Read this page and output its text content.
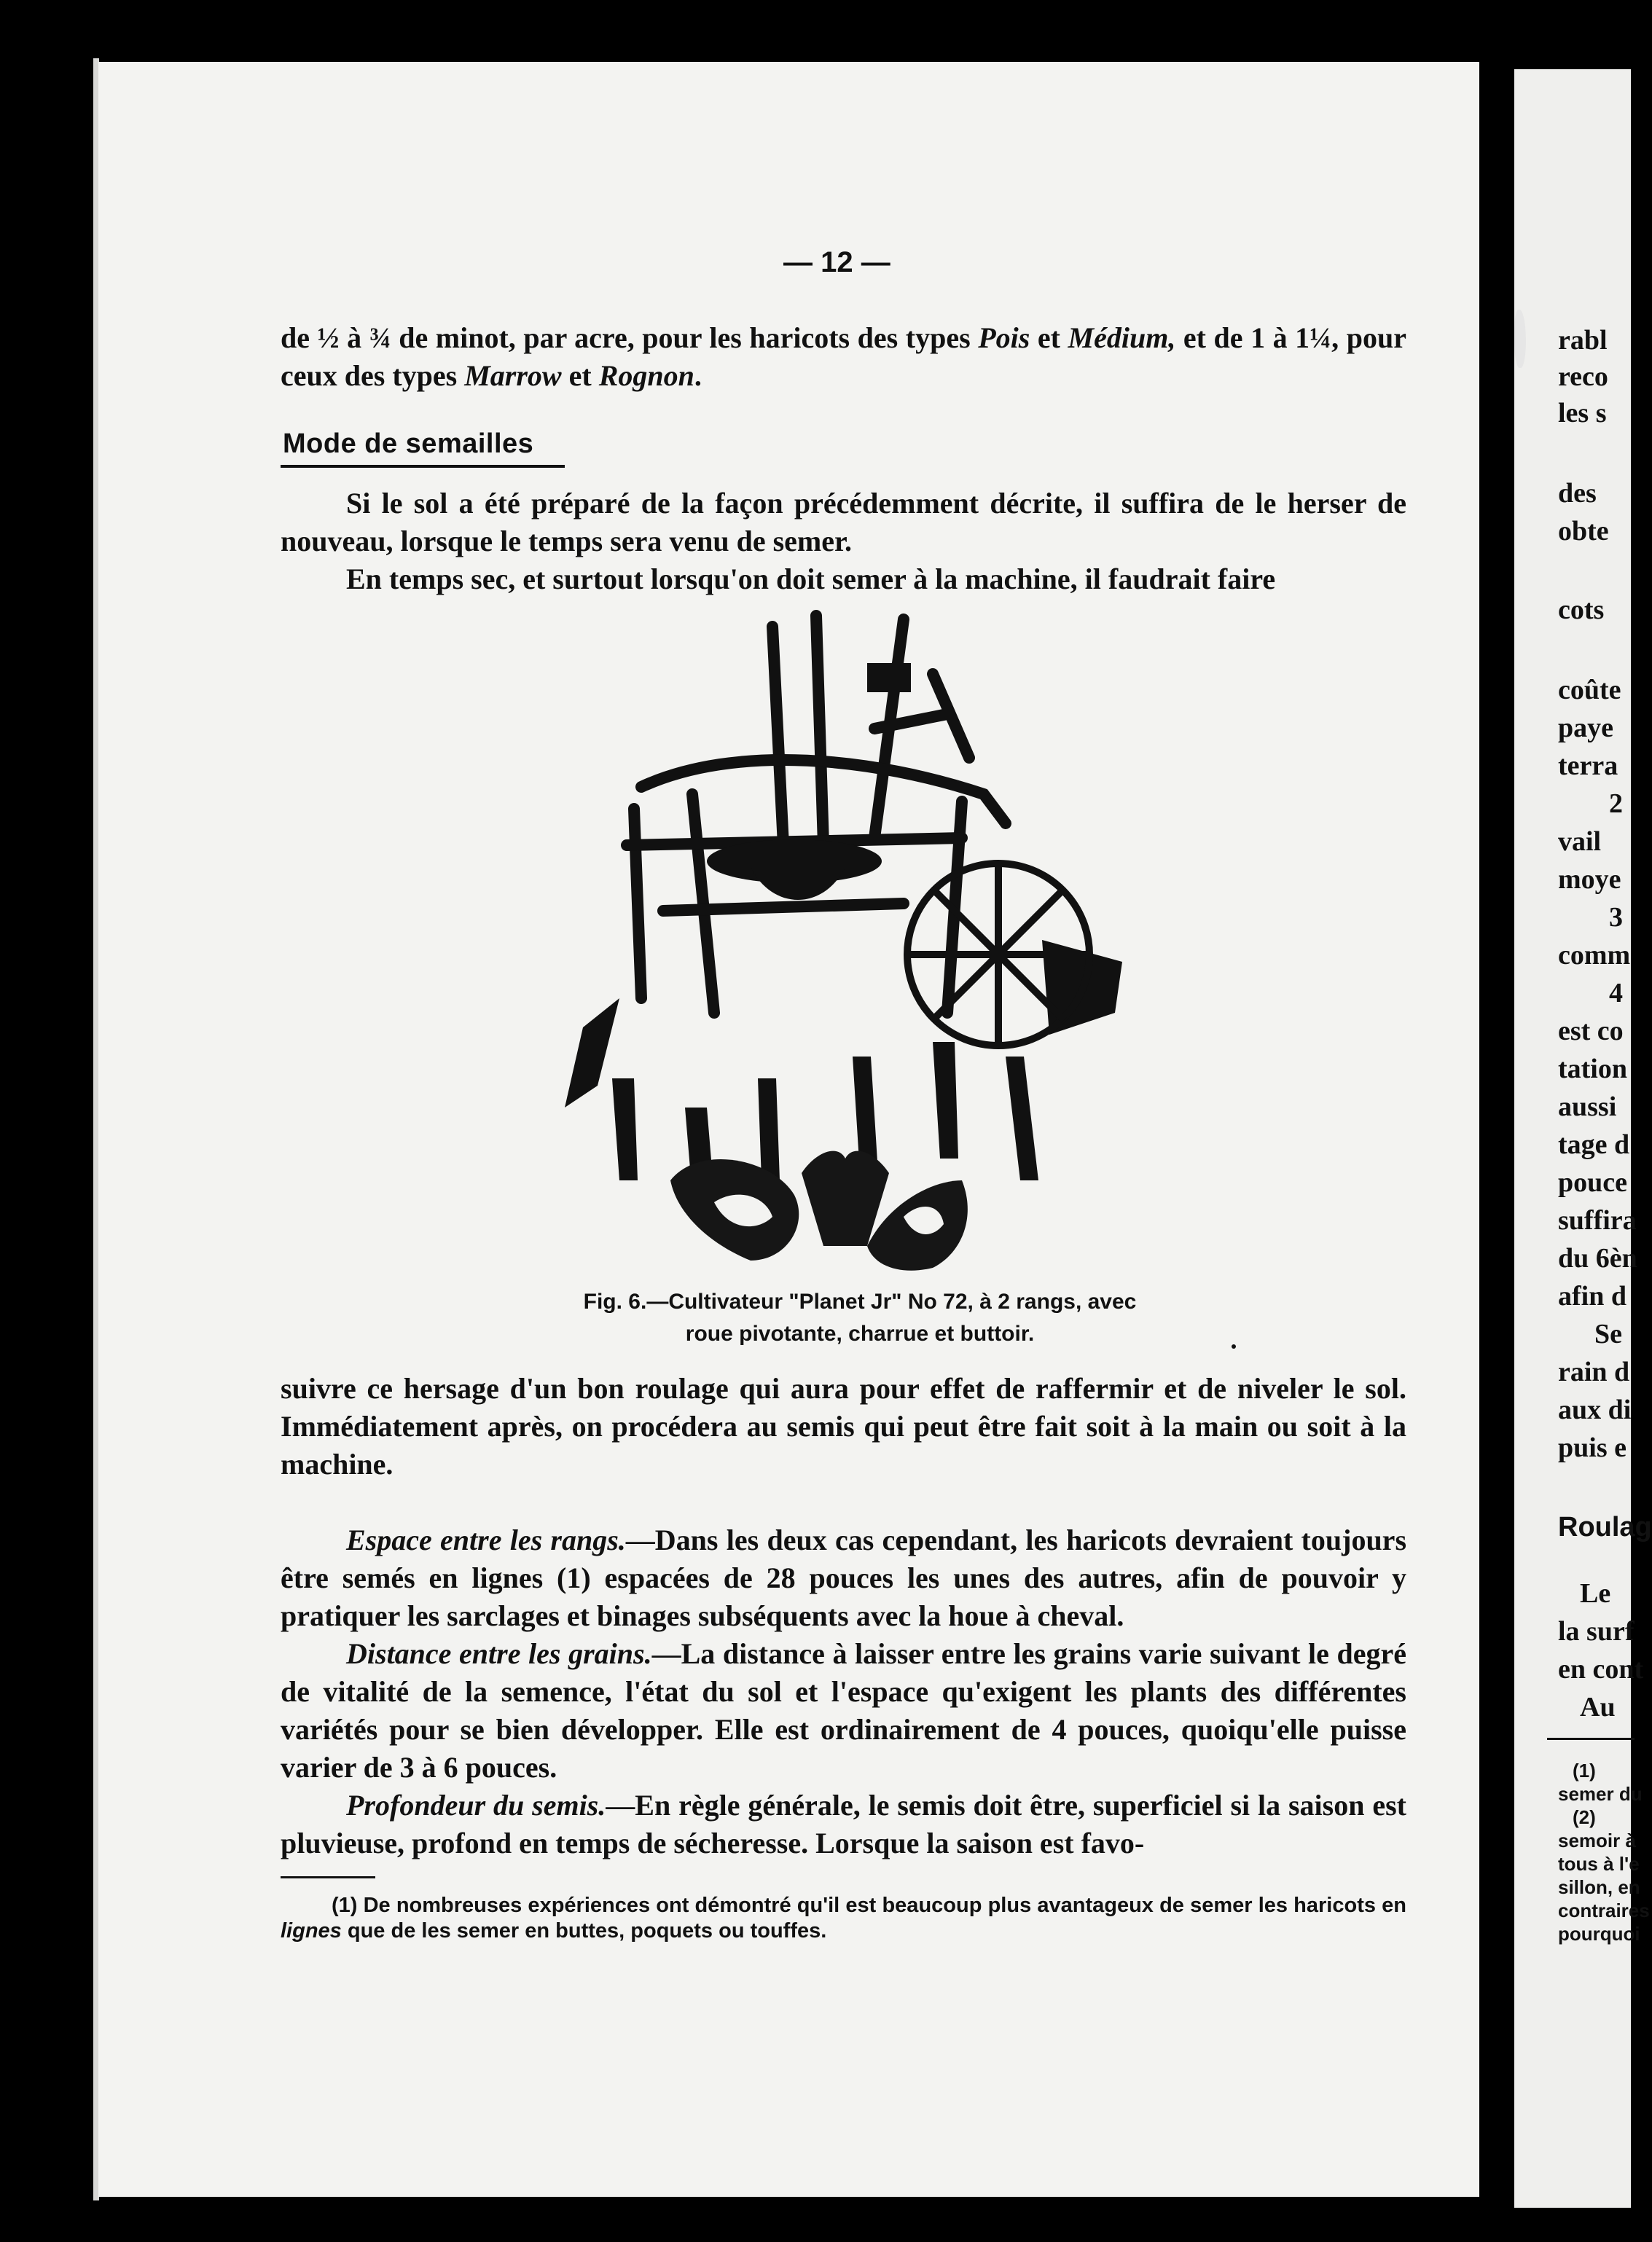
— 12 —

de ½ à ¾ de minot, par acre, pour les haricots des types Pois et Médium, et de 1 à 1¼, pour ceux des types Marrow et Rognon.

Mode de semailles

Si le sol a été préparé de la façon précédemment décrite, il suffira de le herser de nouveau, lorsque le temps sera venu de semer.

En temps sec, et surtout lorsqu'on doit semer à la machine, il faudrait faire

Fig. 6.—Cultivateur "Planet Jr" No 72, à 2 rangs, avec
roue pivotante, charrue et buttoir.

suivre ce hersage d'un bon roulage qui aura pour effet de raffermir et de niveler le sol. Immédiatement après, on procédera au semis qui peut être fait soit à la main ou soit à la machine.

Espace entre les rangs.—Dans les deux cas cependant, les haricots devraient toujours être semés en lignes (1) espacées de 28 pouces les unes des autres, afin de pouvoir y pratiquer les sarclages et binages subséquents avec la houe à cheval.

Distance entre les grains.—La distance à laisser entre les grains varie suivant le degré de vitalité de la semence, l'état du sol et l'espace qu'exigent les plants des différentes variétés pour se bien développer. Elle est ordinairement de 4 pouces, quoiqu'elle puisse varier de 3 à 6 pouces.

Profondeur du semis.—En règle générale, le semis doit être, superficiel si la saison est pluvieuse, profond en temps de sécheresse. Lorsque la saison est favo-

(1) De nombreuses expériences ont démontré qu'il est beaucoup plus avantageux de semer les haricots en lignes que de les semer en buttes, poquets ou touffes.
rabl
reco
les s
des
obte
cots
coûte
paye
terra
2
vail
moye
3
comm
4
est co
tation
aussi
tage d
pouce
suffira
du 6èn
afin d
Se
rain d
aux di
puis e
Roulag
Le
la surf
en cont
Au
(1)
semer du
(2)
semoir à
tous à l'e
sillon, en
contraires
pourquoi
